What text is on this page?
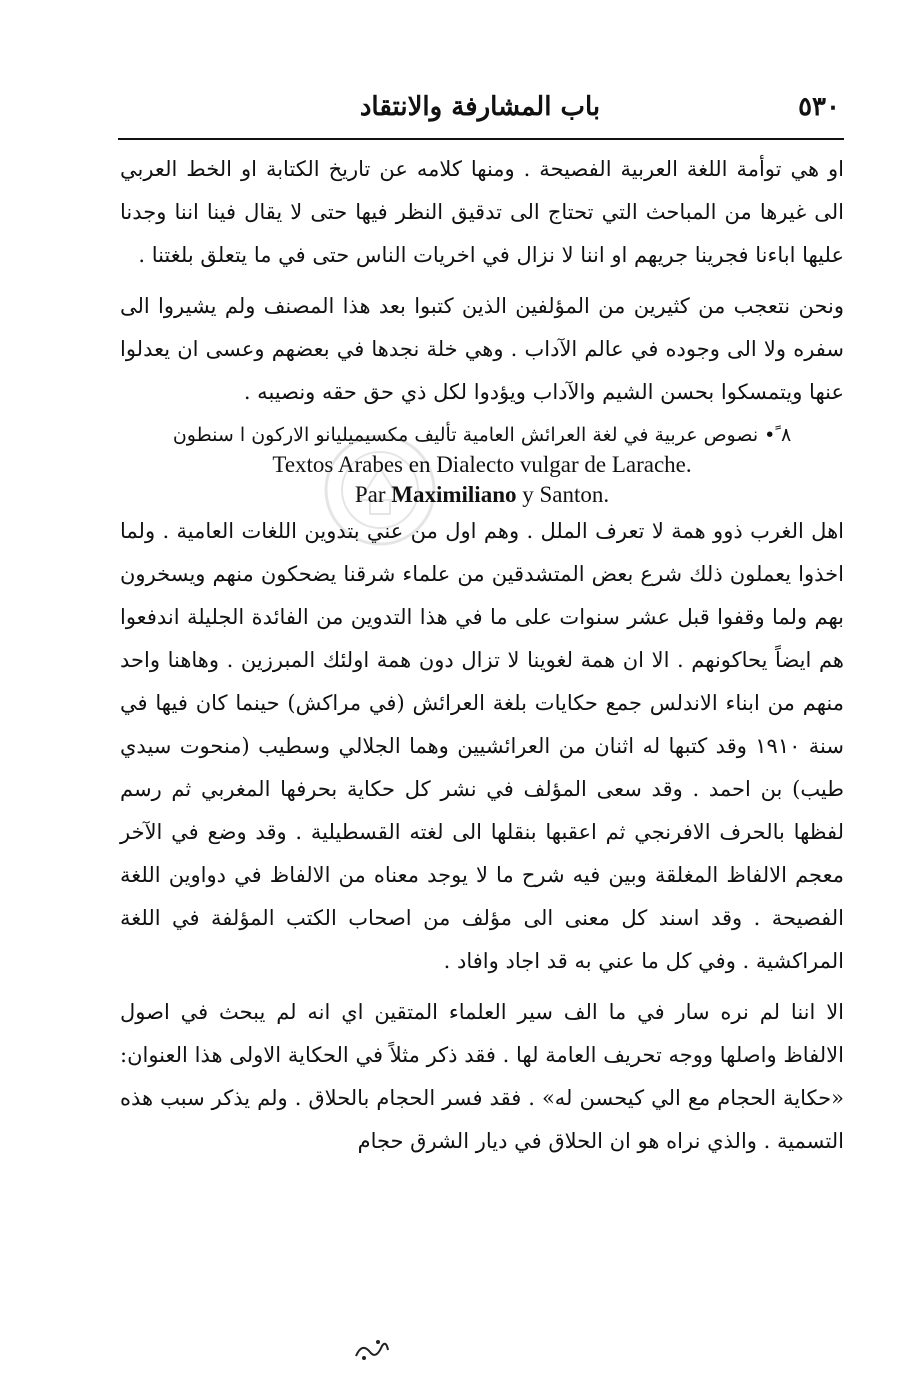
٥٣٠
باب المشارفة والانتقاد

او هي توأمة اللغة العربية الفصيحة . ومنها كلامه عن تاريخ الكتابة او الخط العربي الى غيرها من المباحث التي تحتاج الى تدقيق النظر فيها حتى لا يقال فينا اننا وجدنا عليها اباءنا فجرينا جريهم او اننا لا نزال في اخريات الناس حتى في ما يتعلق بلغتنا .

ونحن نتعجب من كثيرين من المؤلفين الذين كتبوا بعد هذا المصنف ولم يشيروا الى سفره ولا الى وجوده في عالم الآداب . وهي خلة نجدها في بعضهم وعسى ان يعدلوا عنها ويتمسكوا بحسن الشيم والآداب ويؤدوا لكل ذي حق حقه ونصيبه .

٨ ً• نصوص عربية في لغة العرائش العامية تأليف مكسيميليانو الاركون ا سنطون

Textos Arabes en Dialecto vulgar de Larache.

Par Maximiliano y Santon.

اهل الغرب ذوو همة لا تعرف الملل . وهم اول من عني بتدوين اللغات العامية . ولما اخذوا يعملون ذلك شرع بعض المتشدقين من علماء شرقنا يضحكون منهم ويسخرون بهم ولما وقفوا قبل عشر سنوات على ما في هذا التدوين من الفائدة الجليلة اندفعوا هم ايضاً يحاكونهم . الا ان همة لغوينا لا تزال دون همة اولئك المبرزين . وهاهنا واحد منهم من ابناء الاندلس جمع حكايات بلغة العرائش (في مراكش) حينما كان فيها في سنة ١٩١٠ وقد كتبها له اثنان من العرائشيين وهما الجلالي وسطيب (منحوت سيدي طيب) بن احمد . وقد سعى المؤلف في نشر كل حكاية بحرفها المغربي ثم رسم لفظها بالحرف الافرنجي ثم اعقبها بنقلها الى لغته القسطيلية . وقد وضع في الآخر معجم الالفاظ المغلقة وبين فيه شرح ما لا يوجد معناه من الالفاظ في دواوين اللغة الفصيحة . وقد اسند كل معنى الى مؤلف من اصحاب الكتب المؤلفة في اللغة المراكشية . وفي كل ما عني به قد اجاد وافاد .

الا اننا لم نره سار في ما الف سير العلماء المتقين اي انه لم يبحث في اصول الالفاظ واصلها ووجه تحريف العامة لها . فقد ذكر مثلاً في الحكاية الاولى هذا العنوان: «حكاية الحجام مع الي كيحسن له» . فقد فسر الحجام بالحلاق . ولم يذكر سبب هذه التسمية . والذي نراه هو ان الحلاق في ديار الشرق حجام
